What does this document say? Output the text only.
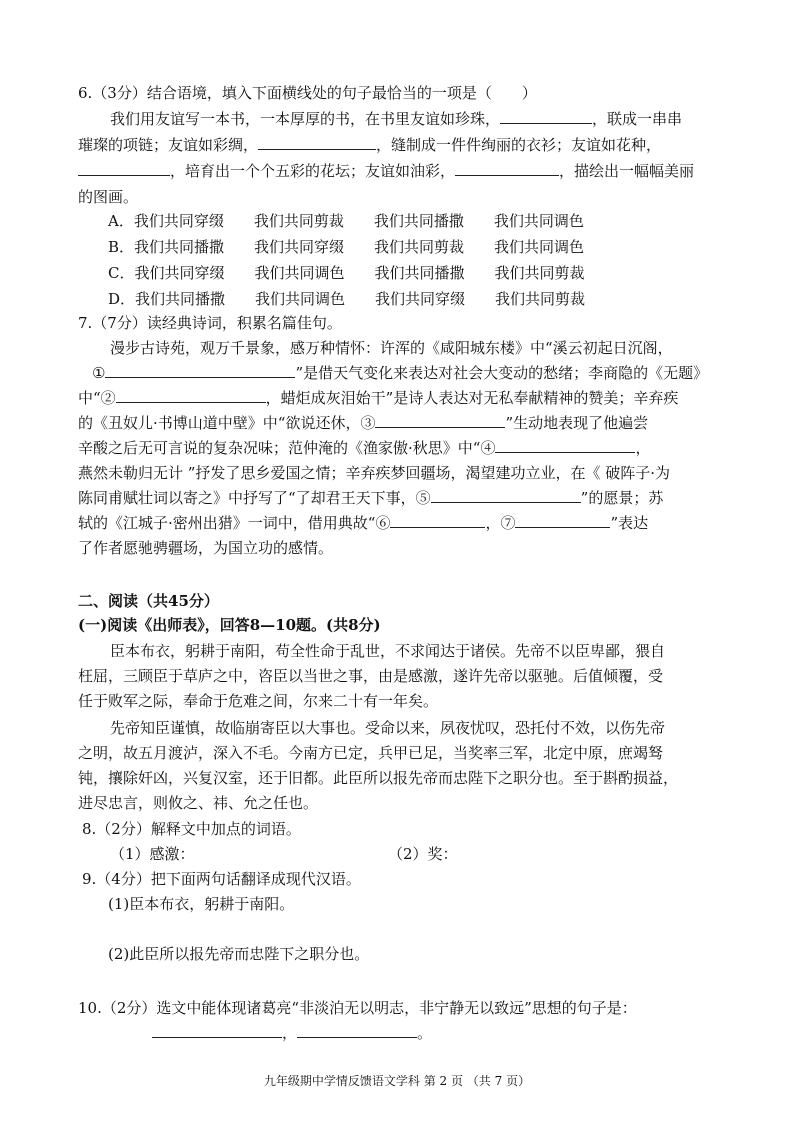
6.（3分）结合语境，填入下面横线处的句子最恰当的一项是（　　）
我们用友谊写一本书，一本厚厚的书，在书里友谊如珍珠，	，联成一串串
璀璨的项链；友谊如彩绸，	，缝制成一件件绚丽的衣衫；友谊如花种，
，培育出一个个五彩的花坛；友谊如油彩，	，描绘出一幅幅美丽
的图画。
A．我们共同穿缀 我们共同剪裁 我们共同播撒 我们共同调色
B．我们共同播撒 我们共同穿缀 我们共同剪裁 我们共同调色
C．我们共同穿缀 我们共同调色 我们共同播撒 我们共同剪裁
D．我们共同播撒 我们共同调色 我们共同穿缀 我们共同剪裁
7.（7分）读经典诗词，积累名篇佳句。
漫步古诗苑，观万千景象，感万种情怀：许浑的《咸阳城东楼》中“溪云初起日沉阁，
①	”是借天气变化来表达对社会大变动的愁绪；李商隐的《无题》
中“②	，蜡炬成灰泪始干”是诗人表达对无私奉献精神的赞美；辛弃疾
的《丑奴儿·书博山道中壁》中“欲说还休，③	”生动地表现了他遍尝
辛酸之后无可言说的复杂况味；范仲淹的《渔家傲·秋思》中“④	，
燕然未勒归无计 ”抒发了思乡爱国之情；辛弃疾梦回疆场，渴望建功立业，在《 破阵子·为
陈同甫赋壮词以寄之》中抒写了“了却君王天下事，⑤	”的愿景；苏
轼的《江城子·密州出猎》一词中，借用典故“⑥	，⑦	”表达
了作者愿驰骋疆场，为国立功的感情。
二、阅读（共45分）
(一)阅读《出师表》，回答8—10题。(共8分)
臣本布衣，躬耕于南阳，苟全性命于乱世，不求闻达于诸侯。先帝不以臣卑鄙，猥自
枉屈，三顾臣于草庐之中，咨臣以当世之事，由是感激，遂许先帝以驱驰。后值倾覆，受
任于败军之际，奉命于危难之间，尔来二十有一年矣。
先帝知臣谨慎，故临崩寄臣以大事也。受命以来，夙夜忧叹，恐托付不效，以伤先帝
之明，故五月渡泸，深入不毛。今南方已定，兵甲已足，当奖率三军，北定中原，庶竭驽
钝，攘除奸凶，兴复汉室，还于旧都。此臣所以报先帝而忠陛下之职分也。至于斟酌损益，
进尽忠言，则攸之、祎、允之任也。
8.（2分）解释文中加点的词语。
（1）感激：	（2）奖：
9.（4分）把下面两句话翻译成现代汉语。
(1)臣本布衣，躬耕于南阳。
(2)此臣所以报先帝而忠陛下之职分也。
10.（2分）选文中能体现诸葛亮“非淡泊无以明志，非宁静无以致远”思想的句子是：
，	。
九年级期中学情反馈语文学科 第 2 页 （共 7 页）
